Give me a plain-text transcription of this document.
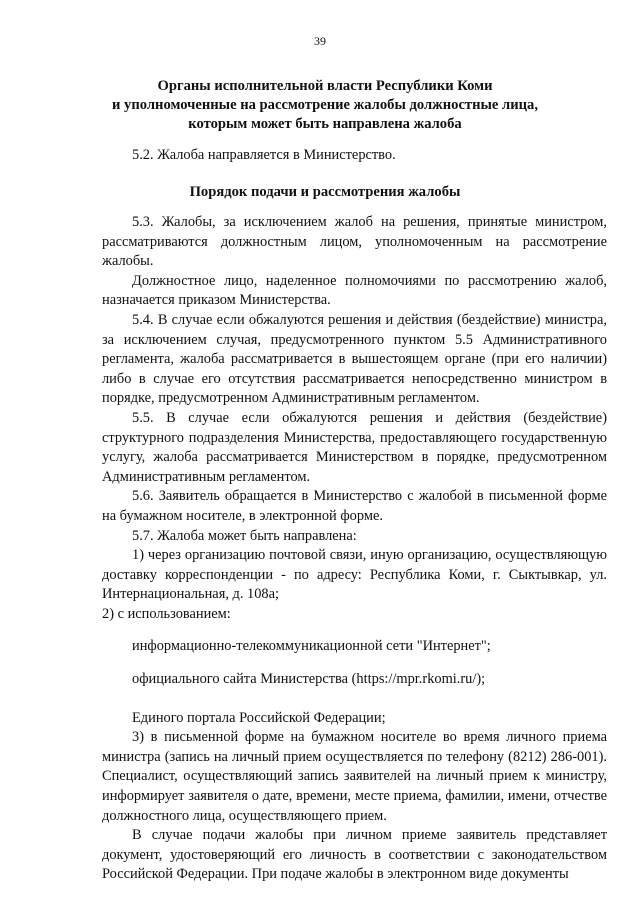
39
Органы исполнительной власти Республики Коми
и уполномоченные на рассмотрение жалобы должностные лица,
которым может быть направлена жалоба

5.2. Жалоба направляется в Министерство.

Порядок подачи и рассмотрения жалобы

5.3. Жалобы, за исключением жалоб на решения, принятые министром, рассматриваются должностным лицом, уполномоченным на рассмотрение жалобы.

Должностное лицо, наделенное полномочиями по рассмотрению жалоб, назначается приказом Министерства.

5.4. В случае если обжалуются решения и действия (бездействие) министра, за исключением случая, предусмотренного пунктом 5.5 Административного регламента, жалоба рассматривается в вышестоящем органе (при его наличии) либо в случае его отсутствия рассматривается непосредственно министром в порядке, предусмотренном Административным регламентом.

5.5. В случае если обжалуются решения и действия (бездействие) структурного подразделения Министерства, предоставляющего государственную услугу, жалоба рассматривается Министерством в порядке, предусмотренном Административным регламентом.

5.6. Заявитель обращается в Министерство с жалобой в письменной форме на бумажном носителе, в электронной форме.

5.7. Жалоба может быть направлена:

1) через организацию почтовой связи, иную организацию, осуществляющую доставку корреспонденции - по адресу: Республика Коми, г. Сыктывкар, ул. Интернациональная, д. 108а;

2) с использованием:

информационно-телекоммуникационной сети "Интернет";

официального сайта Министерства (https://mpr.rkomi.ru/);

Единого портала Российской Федерации;

3) в письменной форме на бумажном носителе во время личного приема министра (запись на личный прием осуществляется по телефону (8212) 286-001). Специалист, осуществляющий запись заявителей на личный прием к министру, информирует заявителя о дате, времени, месте приема, фамилии, имени, отчестве должностного лица, осуществляющего прием.

В случае подачи жалобы при личном приеме заявитель представляет документ, удостоверяющий его личность в соответствии с законодательством Российской Федерации. При подаче жалобы в электронном виде документы
